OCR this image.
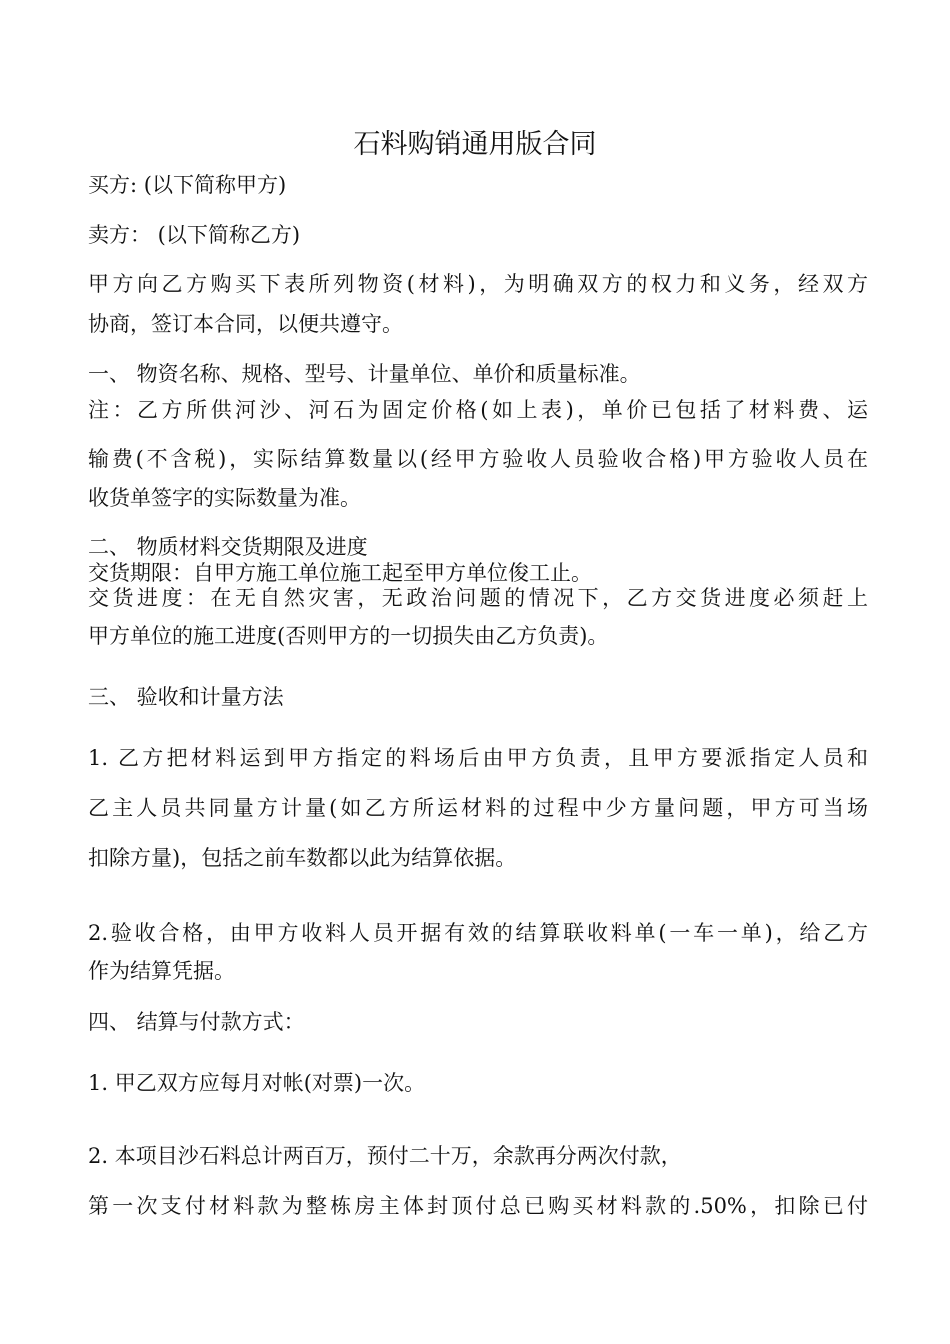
石料购销通用版合同
买方: (以下简称甲方)
卖方： (以下简称乙方)
甲方向乙方购买下表所列物资(材料)，为明确双方的权力和义务，经双方
协商，签订本合同，以便共遵守。
一、 物资名称、规格、型号、计量单位、单价和质量标准。
注：乙方所供河沙、河石为固定价格(如上表)，单价已包括了材料费、运
输费(不含税)，实际结算数量以(经甲方验收人员验收合格)甲方验收人员在
收货单签字的实际数量为准。
二、 物质材料交货期限及进度
交货期限：自甲方施工单位施工起至甲方单位俊工止。
交货进度：在无自然灾害，无政治问题的情况下，乙方交货进度必须赶上
甲方单位的施工进度(否则甲方的一切损失由乙方负责)。
三、 验收和计量方法
1. 乙方把材料运到甲方指定的料场后由甲方负责，且甲方要派指定人员和
乙主人员共同量方计量(如乙方所运材料的过程中少方量问题，甲方可当场
扣除方量)，包括之前车数都以此为结算依据。
2.验收合格，由甲方收料人员开据有效的结算联收料单(一车一单)，给乙方
作为结算凭据。
四、 结算与付款方式：
1. 甲乙双方应每月对帐(对票)一次。
2. 本项目沙石料总计两百万，预付二十万，余款再分两次付款，
第一次支付材料款为整栋房主体封顶付总已购买材料款的.50%，扣除已付
